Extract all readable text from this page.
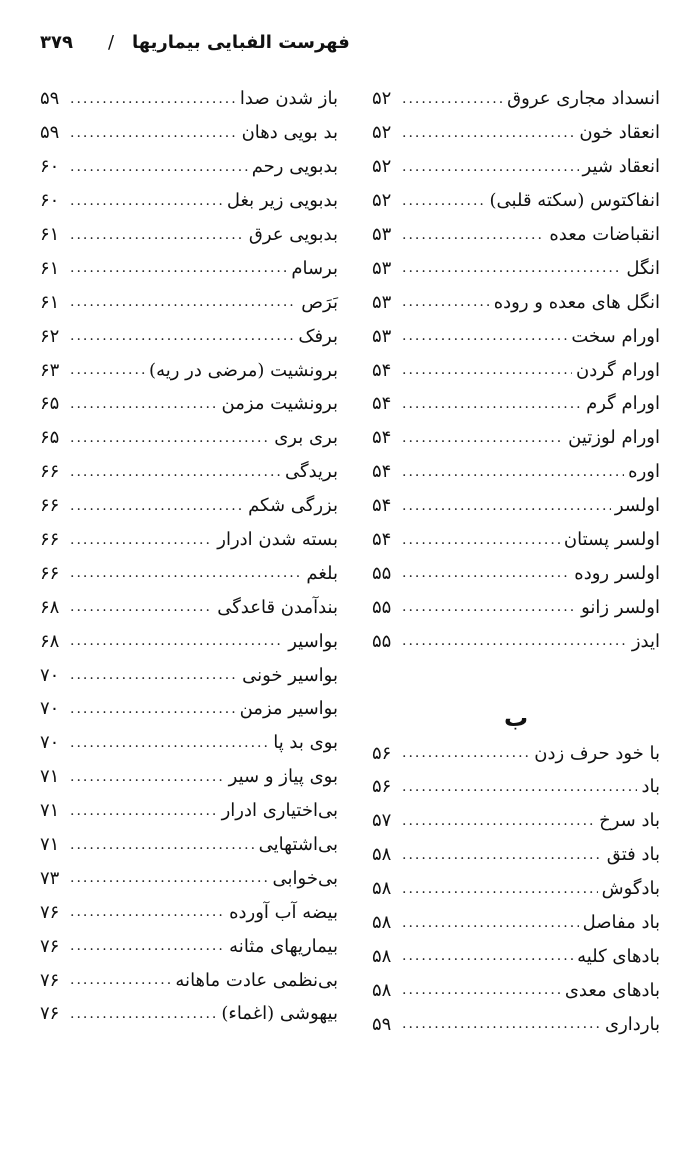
۳۷۹ / فهرست الفبایی بیماریها
انسداد مجاری عروق
.....
۵۲
انعقاد خون
.....
۵۲
انعقاد شیر
.....
۵۲
انفاکتوس (سکته قلبی)
.....
۵۲
انقباضات معده
.....
۵۳
انگل
.....
۵۳
انگل های معده و روده
.....
۵۳
اورام سخت
.....
۵۳
اورام گردن
.....
۵۴
اورام گرم
.....
۵۴
اورام لوزتین
.....
۵۴
اوره
.....
۵۴
اولسر
.....
۵۴
اولسر پستان
.....
۵۴
اولسر روده
.....
۵۵
اولسر زانو
.....
۵۵
ایدز
.....
۵۵
ب
با خود حرف زدن
.....
۵۶
باد
.....
۵۶
باد سرخ
.....
۵۷
باد فتق
.....
۵۸
بادگوش
.....
۵۸
باد مفاصل
.....
۵۸
بادهای کلیه
.....
۵۸
بادهای معدی
.....
۵۸
بارداری
.....
۵۹
باز شدن صدا
.....
۵۹
بد بویی دهان
.....
۵۹
بدبویی رحم
.....
۶۰
بدبویی زیر بغل
.....
۶۰
بدبویی عرق
.....
۶۱
برسام
.....
۶۱
بَرَص
.....
۶۱
برفک
.....
۶۲
برونشیت (مرضی در ریه)
.....
۶۳
برونشیت مزمن
.....
۶۵
بری بری
.....
۶۵
بریدگی
.....
۶۶
بزرگی شکم
.....
۶۶
بسته شدن ادرار
.....
۶۶
بلغم
.....
۶۶
بندآمدن قاعدگی
.....
۶۸
بواسیر
.....
۶۸
بواسیر خونی
.....
۷۰
بواسیر مزمن
.....
۷۰
بوی بد پا
.....
۷۰
بوی پیاز و سیر
.....
۷۱
بی‌اختیاری ادرار
.....
۷۱
بی‌اشتهایی
.....
۷۱
بی‌خوابی
.....
۷۳
بیضه آب آورده
.....
۷۶
بیماریهای مثانه
.....
۷۶
بی‌نظمی عادت ماهانه
.....
۷۶
بیهوشی (اغماء)
.....
۷۶
